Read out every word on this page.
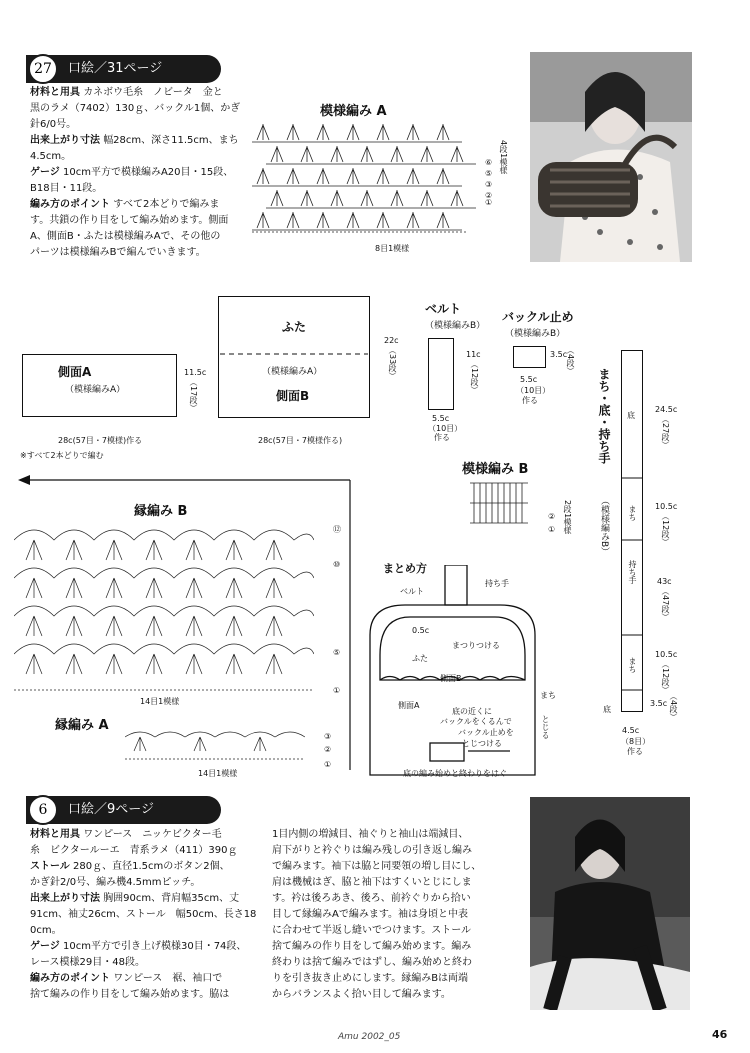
27	口絵／31ページ
材料と用具 カネボウ毛糸　ノビータ　金と
黒のラメ（7402）130ｇ、バックル1個、かぎ
針6/0号。
出来上がり寸法 幅28cm、深さ11.5cm、まち
4.5cm。
ゲージ 10cm平方で模様編みA20目・15段、
B18目・11段。
編み方のポイント すべて2本どりで編みま
す。共鎖の作り目をして編み始めます。側面
A、側面B・ふたは模様編みAで、その他の
パーツは模様編みBで編んでいきます。
模様編み A
4段1模様
⑥
⑤
③
②
①
8目1模様
側面A
（模様編みA）
11.5c
（17段）
28c(57目・7模様)作る
※すべて2本どりで編む
ふた
（模様編みA）
側面B
22c
（33段）
28c(57目・7模様作る)
ベルト
（模様編みB）
11c
（12段）
5.5c
（10目）
作る
バックル止め
（模様編みB）
3.5c
（4段）
5.5c
（10目）
作る	まち・底・持ち手
（模様編みB）
底
まち
持ち手
まち
底
24.5c
（27段）
10.5c
（12段）
43c
（47段）
10.5c
（12段）
3.5c （4段）
4.5c
（8目）
作る
模様編み B
2段1模様
②
①
縁編み B
⑫
⑩
⑤
①
14目1模様
縁編み A
③
②
①
14目1模様
まとめ方
ベルト
持ち手
0.5c
まつりつける
ふた
側面B
側面A
まち
とじる
底の近くに
バックルをくるんで
バックル止めを
とじつける
底の編み始めと終わりをはぐ
6	口絵／9ページ
材料と用具 ワンピース　ニッケビクター毛
糸　ビクタールーエ　青系ラメ（411）390ｇ
ストール 280ｇ、直径1.5cmのボタン2個、
かぎ針2/0号、編み機4.5mmピッチ。
出来上がり寸法 胸囲90cm、背肩幅35cm、丈
91cm、袖丈26cm、ストール　幅50cm、長さ18
0cm。
ゲージ 10cm平方で引き上げ模様30目・74段、
レース模様29目・48段。
編み方のポイント ワンピース　裾、袖口で
捨て編みの作り目をして編み始めます。脇は
1目内側の増減目、袖ぐりと袖山は端減目、
肩下がりと衿ぐりは編み残しの引き返し編み
で編みます。袖下は脇と同要領の増し目にし、
肩は機械はぎ、脇と袖下はすくいとじにしま
す。衿は後ろあき、後ろ、前衿ぐりから拾い
目して縁編みAで編みます。袖は身頃と中表
に合わせて半返し縫いでつけます。ストール
捨て編みの作り目をして編み始めます。編み
終わりは捨て編みではずし、編み始めと終わ
りを引き抜き止めにします。縁編みBは両端
からバランスよく拾い目して編みます。
Amu 2002_05	46
